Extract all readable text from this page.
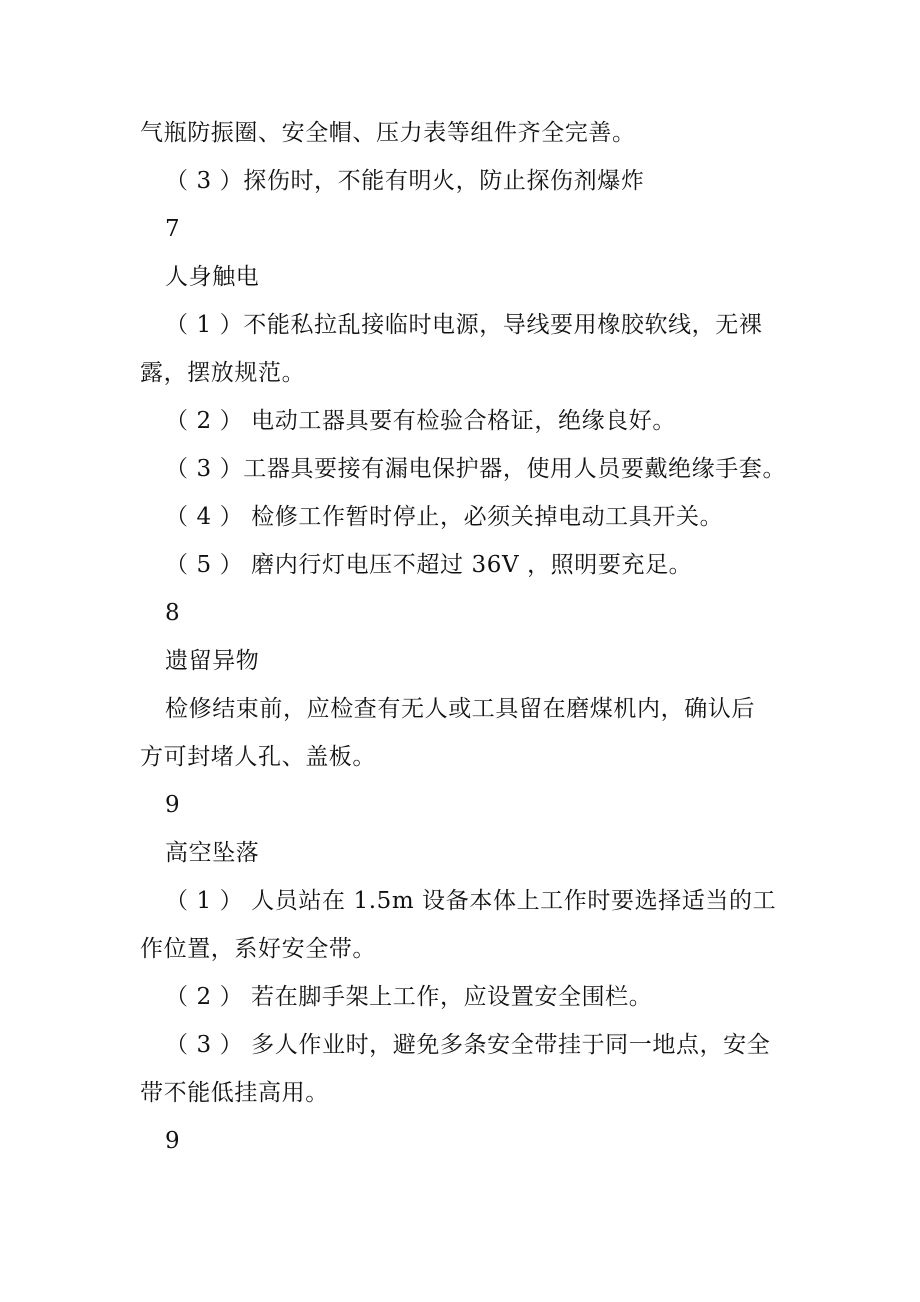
气瓶防振圈、安全帽、压力表等组件齐全完善。
（ 3 ）探伤时，不能有明火，防止探伤剂爆炸
7
人身触电
（ 1 ）不能私拉乱接临时电源，导线要用橡胶软线，无裸
露，摆放规范。
（ 2 ） 电动工器具要有检验合格证，绝缘良好。
（ 3 ）工器具要接有漏电保护器，使用人员要戴绝缘手套。
（ 4 ） 检修工作暂时停止，必须关掉电动工具开关。
（ 5 ） 磨内行灯电压不超过 36V ，照明要充足。
8
遗留异物
检修结束前，应检查有无人或工具留在磨煤机内，确认后
方可封堵人孔、盖板。
9
高空坠落
（ 1 ） 人员站在 1.5m 设备本体上工作时要选择适当的工
作位置，系好安全带。
（ 2 ） 若在脚手架上工作，应设置安全围栏。
（ 3 ） 多人作业时，避免多条安全带挂于同一地点，安全
带不能低挂高用。
9
